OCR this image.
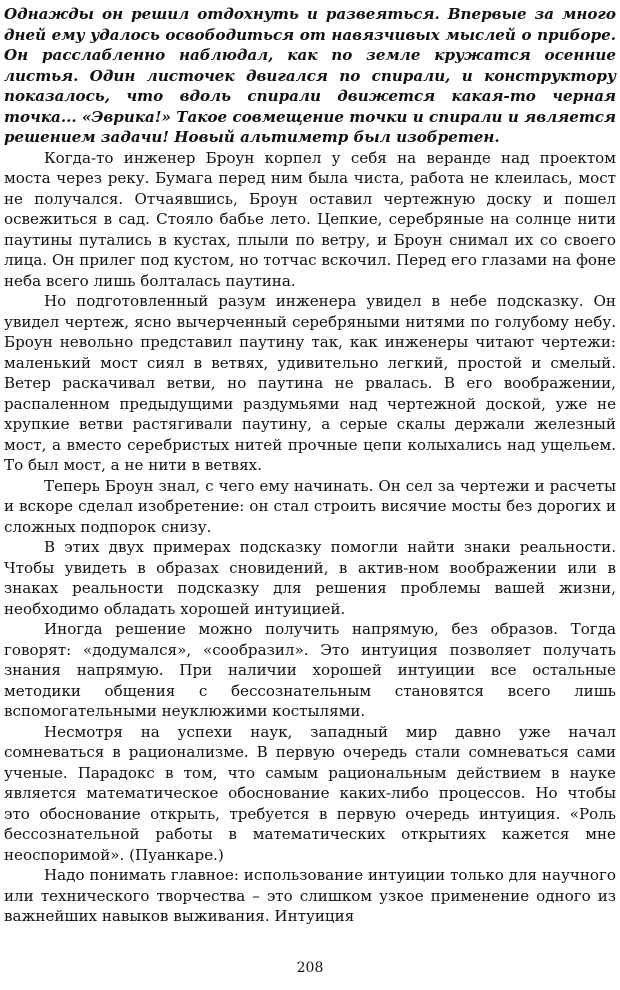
Однажды он решил отдохнуть и развеяться. Впервые за много дней ему удалось освободиться от навязчивых мыслей о приборе. Он расслабленно наблюдал, как по земле кружатся осенние листья. Один листочек двигался по спирали, и конструктору показалось, что вдоль спирали движется какая-то черная точка... «Эврика!» Такое совмещение точки и спирали и является решением задачи! Новый альтиметр был изобретен.

Когда-то инженер Броун корпел у себя на веранде над проектом моста через реку. Бумага перед ним была чиста, работа не клеилась, мост не получался. Отчаявшись, Броун оставил чертежную доску и пошел освежиться в сад. Стояло бабье лето. Цепкие, серебряные на солнце нити паутины путались в кустах, плыли по ветру, и Броун снимал их со своего лица. Он прилег под кустом, но тотчас вскочил. Перед его глазами на фоне неба всего лишь болталась паутина.

Но подготовленный разум инженера увидел в небе подсказку. Он увидел чертеж, ясно вычерченный серебряными нитями по голубому небу. Броун невольно представил паутину так, как инженеры читают чертежи: маленький мост сиял в ветвях, удивительно легкий, простой и смелый. Ветер раскачивал ветви, но паутина не рвалась. В его воображении, распаленном предыдущими раздумьями над чертежной доской, уже не хрупкие ветви растягивали паутину, а серые скалы держали железный мост, а вместо серебристых нитей прочные цепи колыхались над ущельем. То был мост, а не нити в ветвях.

Теперь Броун знал, с чего ему начинать. Он сел за чертежи и расчеты и вскоре сделал изобретение: он стал строить висячие мосты без дорогих и сложных подпорок снизу.

В этих двух примерах подсказку помогли найти знаки реальности. Чтобы увидеть в образах сновидений, в актив-ном воображении или в знаках реальности подсказку для решения проблемы вашей жизни, необходимо обладать хорошей интуицией.

Иногда решение можно получить напрямую, без образов. Тогда говорят: «додумался», «сообразил». Это интуиция позволяет получать знания напрямую. При наличии хорошей интуиции все остальные методики общения с бессознательным становятся всего лишь вспомогательными неуклюжими костылями.

Несмотря на успехи наук, западный мир давно уже начал сомневаться в рационализме. В первую очередь стали сомневаться сами ученые. Парадокс в том, что самым рациональным действием в науке является математическое обоснование каких-либо процессов. Но чтобы это обоснование открыть, требуется в первую очередь интуиция. «Роль бессознательной работы в математических открытиях кажется мне неоспоримой». (Пуанкаре.)

Надо понимать главное: использование интуиции только для научного или технического творчества – это слишком узкое применение одного из важнейших навыков выживания. Интуиция

208
